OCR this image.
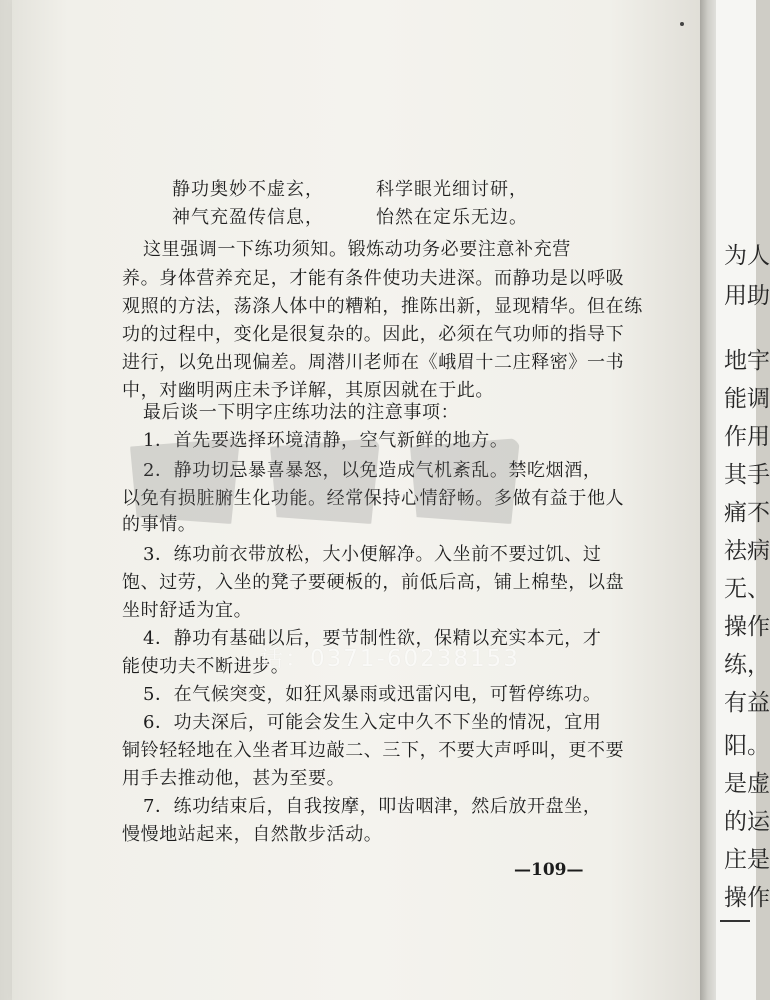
为人
用助
地宇
能调
作用
其手
痛不
祛病
无、
操作
练，
有益
阳。
是虚
的运
庄是
操作
静功奥妙不虚玄，	科学眼光细讨研，
神气充盈传信息，	怡然在定乐无边。
这里强调一下练功须知。锻炼动功务必要注意补充营
养。身体营养充足，才能有条件使功夫进深。而静功是以呼吸
观照的方法，荡涤人体中的糟粕，推陈出新，显现精华。但在练
功的过程中，变化是很复杂的。因此，必须在气功师的指导下
进行，以免出现偏差。周潜川老师在《峨眉十二庄释密》一书
中，对幽明两庄未予详解，其原因就在于此。
最后谈一下明字庄练功法的注意事项：
1．首先要选择环境清静，空气新鲜的地方。
2．静功切忌暴喜暴怒，以免造成气机紊乱。禁吃烟酒，
以免有损脏腑生化功能。经常保持心情舒畅。多做有益于他人
的事情。
3．练功前衣带放松，大小便解净。入坐前不要过饥、过
饱、过劳，入坐的凳子要硬板的，前低后高，铺上棉垫，以盘
坐时舒适为宜。
4．静功有基础以后，要节制性欲，保精以充实本元，才
能使功夫不断进步。
5．在气候突变，如狂风暴雨或迅雷闪电，可暂停练功。
6．功夫深后，可能会发生入定中久不下坐的情况，宜用
铜铃轻轻地在入坐者耳边敲二、三下，不要大声呼叫，更不要
用手去推动他，甚为至要。
7．练功结束后，自我按摩，叩齿咽津，然后放开盘坐，
慢慢地站起来，自然散步活动。
话：0371-60238153
—109—
